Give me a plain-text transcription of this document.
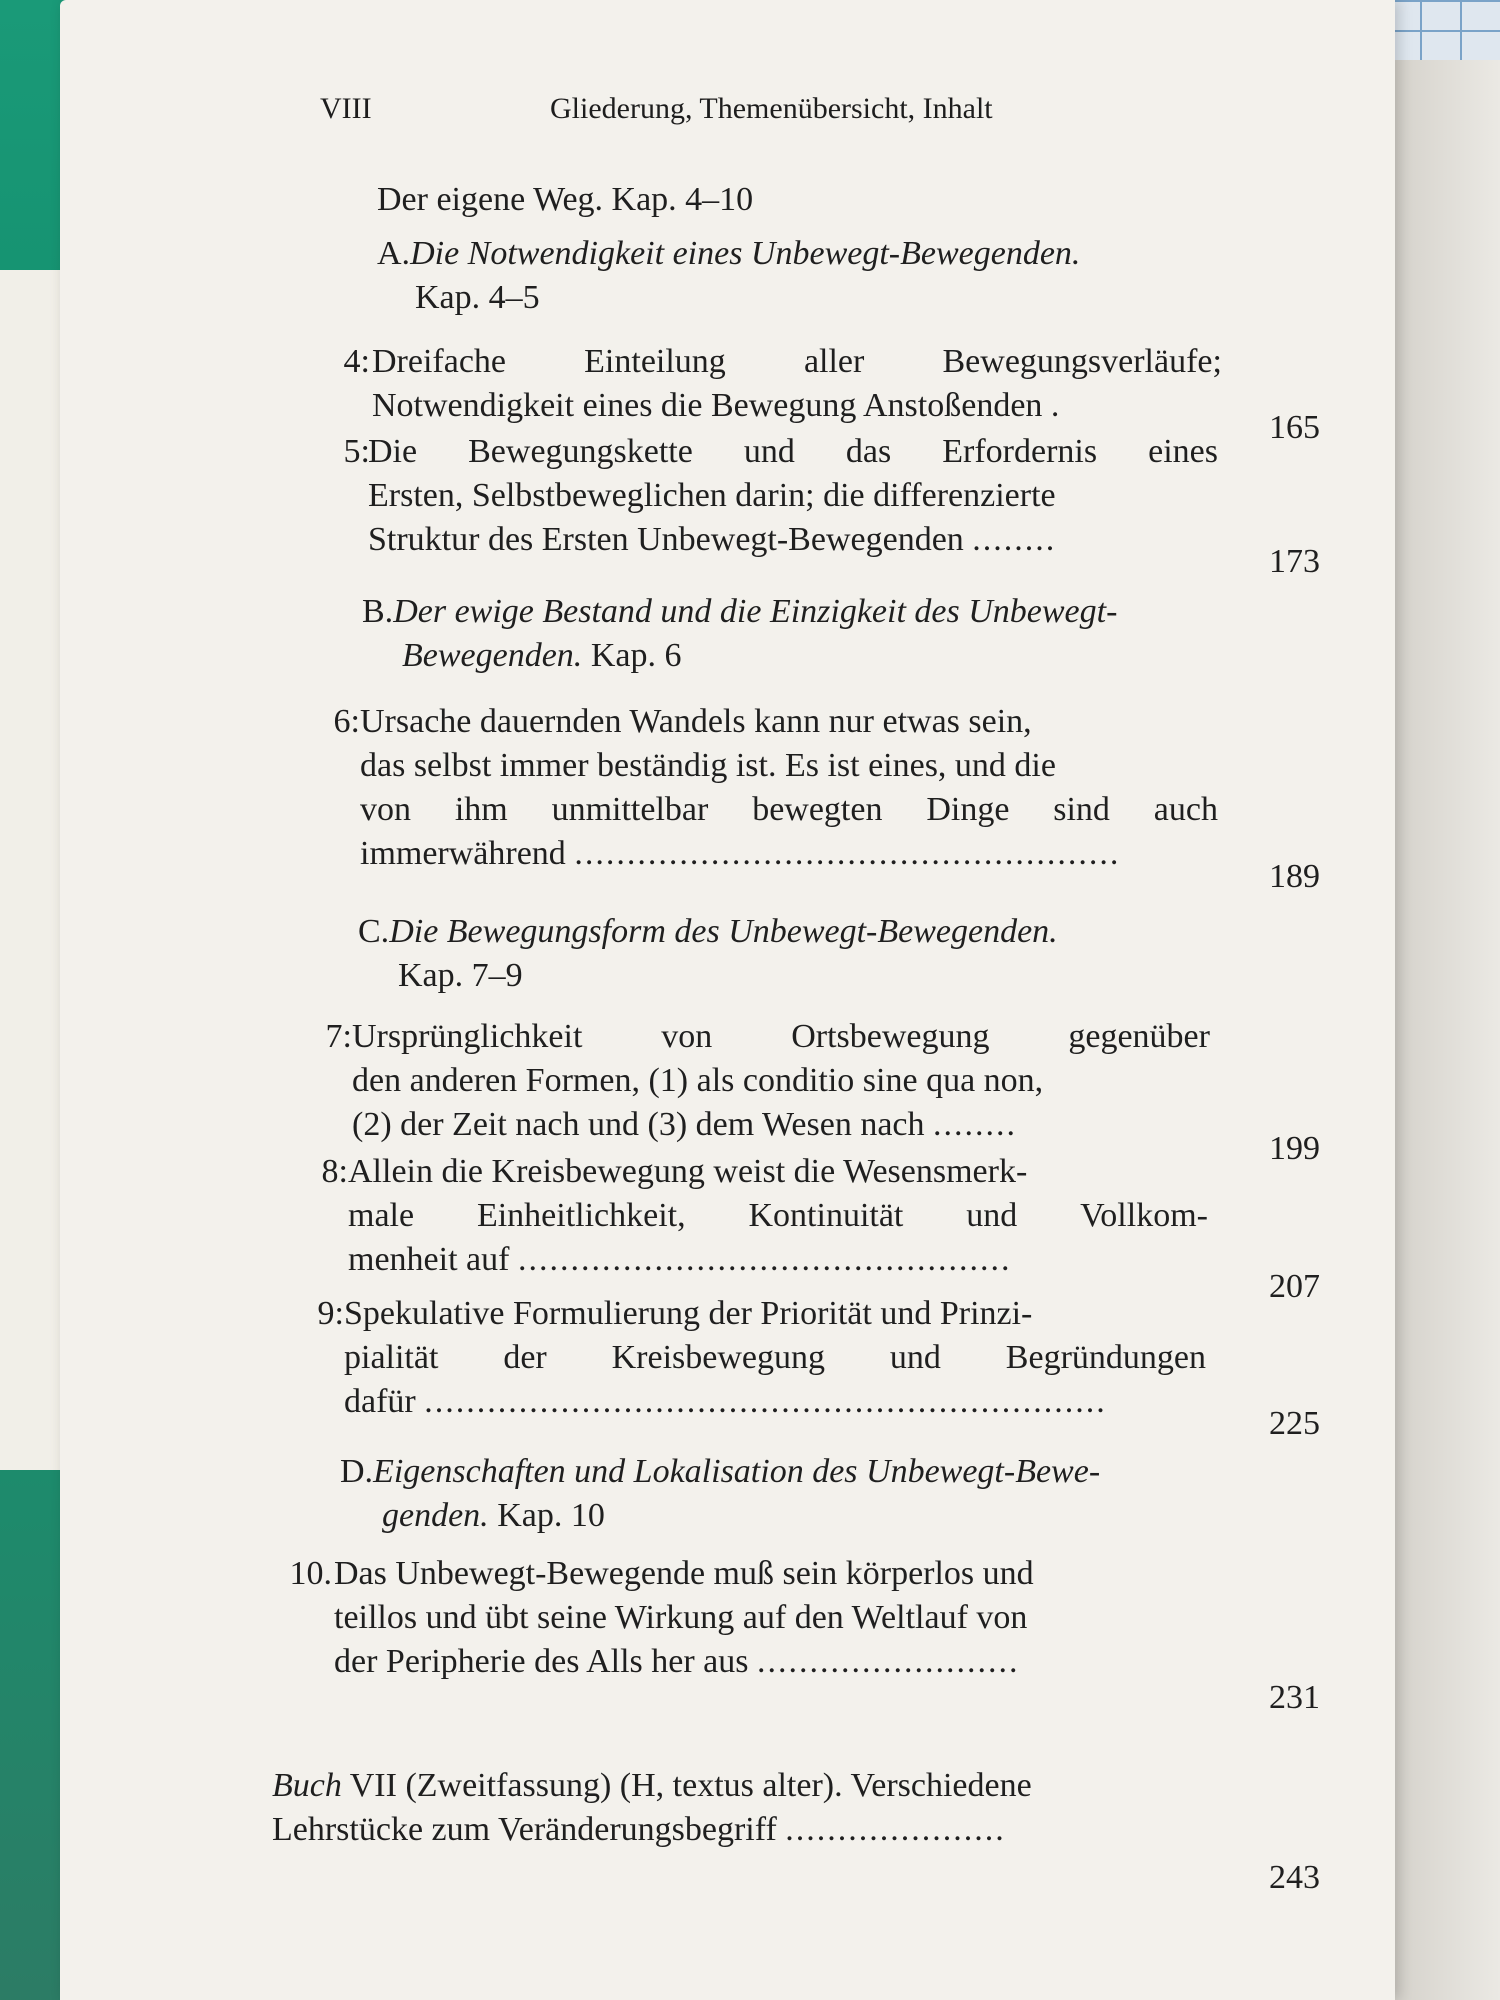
VIII	Gliederung, Themenübersicht, Inhalt
Der eigene Weg. Kap. 4–10
A.Die Notwendigkeit eines Unbewegt-Bewegenden.
Kap. 4–5
4: Dreifache Einteilung aller Bewegungsverläufe;
Notwendigkeit eines die Bewegung Anstoßenden .
165
5:
Die Bewegungskette und das Erfordernis eines
Ersten, Selbstbeweglichen darin; die differenzierte
Struktur des Ersten Unbewegt-Bewegenden ........
173
B.Der ewige Bestand und die Einzigkeit des Unbewegt-
Bewegenden. Kap. 6
6: Ursache dauernden Wandels kann nur etwas sein,
das selbst immer beständig ist. Es ist eines, und die
von ihm unmittelbar bewegten Dinge sind auch
immerwährend ....................................................
189
C.Die Bewegungsform des Unbewegt-Bewegenden.
Kap. 7–9
7: Ursprünglichkeit von Ortsbewegung gegenüber
den anderen Formen, (1) als conditio sine qua non,
(2) der Zeit nach und (3) dem Wesen nach ........
199
8: Allein die Kreisbewegung weist die Wesensmerk-
male Einheitlichkeit, Kontinuität und Vollkom-
menheit auf ...............................................
207
9: Spekulative Formulierung der Priorität und Prinzi-
pialität der Kreisbewegung und Begründungen
dafür .................................................................
225
D.Eigenschaften und Lokalisation des Unbewegt-Bewe-
genden. Kap. 10
10. Das Unbewegt-Bewegende muß sein körperlos und
teillos und übt seine Wirkung auf den Weltlauf von
der Peripherie des Alls her aus .........................
231
Buch VII (Zweitfassung) (H, textus alter). Verschiedene
Lehrstücke zum Veränderungsbegriff .....................
243
